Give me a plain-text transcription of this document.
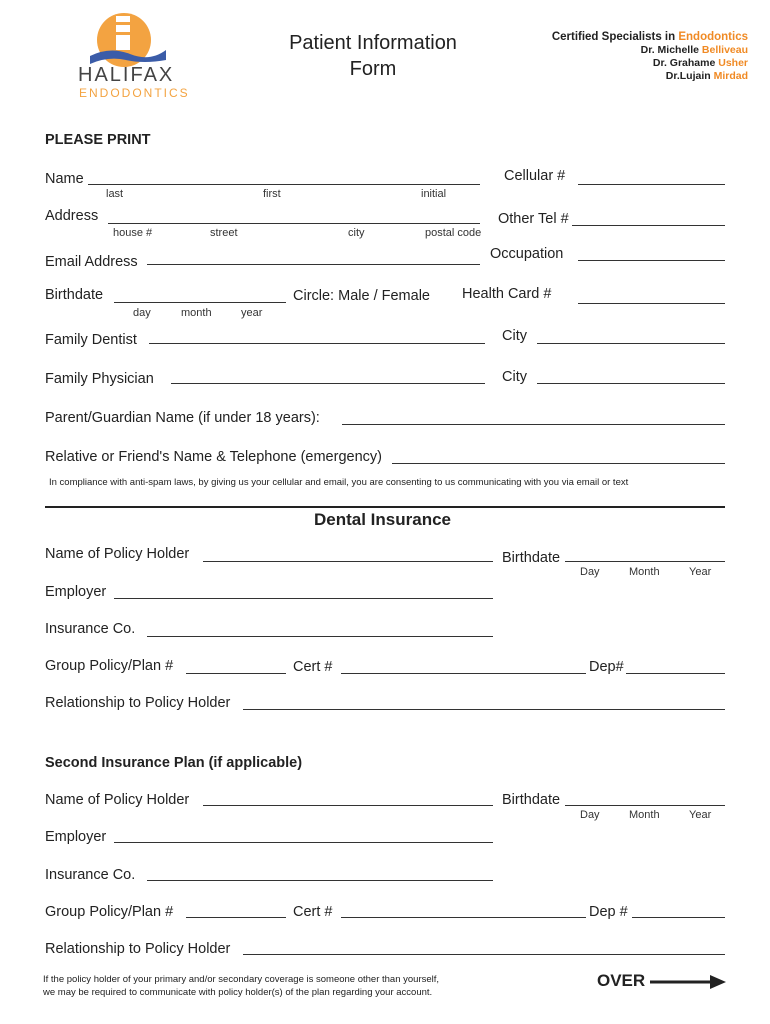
HALIFAX
ENDODONTICS
Patient Information
Form
Certified Specialists in Endodontics
Dr. Michelle Belliveau
Dr. Grahame Usher
Dr.Lujain Mirdad
PLEASE PRINT
Name
last	first	initial
Cellular #
Address
house #	street	city	postal code
Other Tel #
Email Address	Occupation
Birthdate
day	month	year
Circle: Male / Female Health Card #
Family Dentist	City
Family Physician	City
Parent/Guardian Name (if under 18 years):
Relative or Friend's Name & Telephone (emergency)
In compliance with anti-spam laws, by giving us your cellular and email, you are consenting to us communicating with you via email or text
Dental Insurance
Name of Policy Holder	Birthdate
Day	Month	Year
Employer
Insurance Co.
Group Policy/Plan #	Cert #	Dep#
Relationship to Policy Holder
Second Insurance Plan (if applicable)
Name of Policy Holder	Birthdate
Day	Month	Year
Employer
Insurance Co.
Group Policy/Plan #	Cert #	Dep #
Relationship to Policy Holder
If the policy holder of your primary and/or secondary coverage is someone other than yourself,
we may be required to communicate with policy holder(s) of the plan regarding your account.
OVER
